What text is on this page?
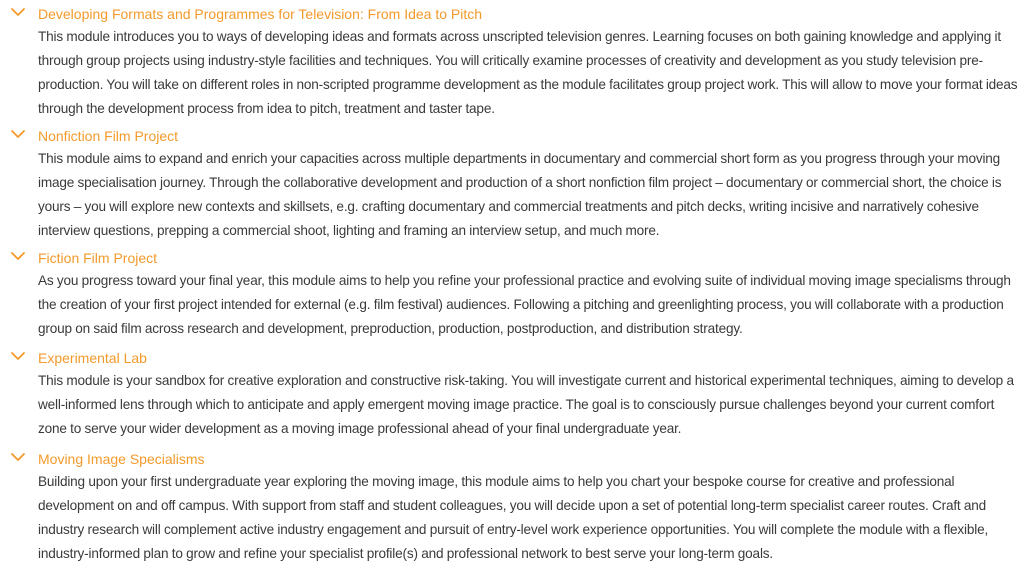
Developing Formats and Programmes for Television: From Idea to Pitch

This module introduces you to ways of developing ideas and formats across unscripted television genres. Learning focuses on both gaining knowledge and applying it through group projects using industry-style facilities and techniques. You will critically examine processes of creativity and development as you study television pre-production. You will take on different roles in non-scripted programme development as the module facilitates group project work. This will allow to move your format ideas through the development process from idea to pitch, treatment and taster tape.

Nonfiction Film Project

This module aims to expand and enrich your capacities across multiple departments in documentary and commercial short form as you progress through your moving image specialisation journey. Through the collaborative development and production of a short nonfiction film project – documentary or commercial short, the choice is yours – you will explore new contexts and skillsets, e.g. crafting documentary and commercial treatments and pitch decks, writing incisive and narratively cohesive interview questions, prepping a commercial shoot, lighting and framing an interview setup, and much more.

Fiction Film Project

As you progress toward your final year, this module aims to help you refine your professional practice and evolving suite of individual moving image specialisms through the creation of your first project intended for external (e.g. film festival) audiences. Following a pitching and greenlighting process, you will collaborate with a production group on said film across research and development, preproduction, production, postproduction, and distribution strategy.

Experimental Lab

This module is your sandbox for creative exploration and constructive risk-taking. You will investigate current and historical experimental techniques, aiming to develop a well-informed lens through which to anticipate and apply emergent moving image practice. The goal is to consciously pursue challenges beyond your current comfort zone to serve your wider development as a moving image professional ahead of your final undergraduate year.

Moving Image Specialisms

Building upon your first undergraduate year exploring the moving image, this module aims to help you chart your bespoke course for creative and professional development on and off campus. With support from staff and student colleagues, you will decide upon a set of potential long-term specialist career routes. Craft and industry research will complement active industry engagement and pursuit of entry-level work experience opportunities. You will complete the module with a flexible, industry-informed plan to grow and refine your specialist profile(s) and professional network to best serve your long-term goals.
